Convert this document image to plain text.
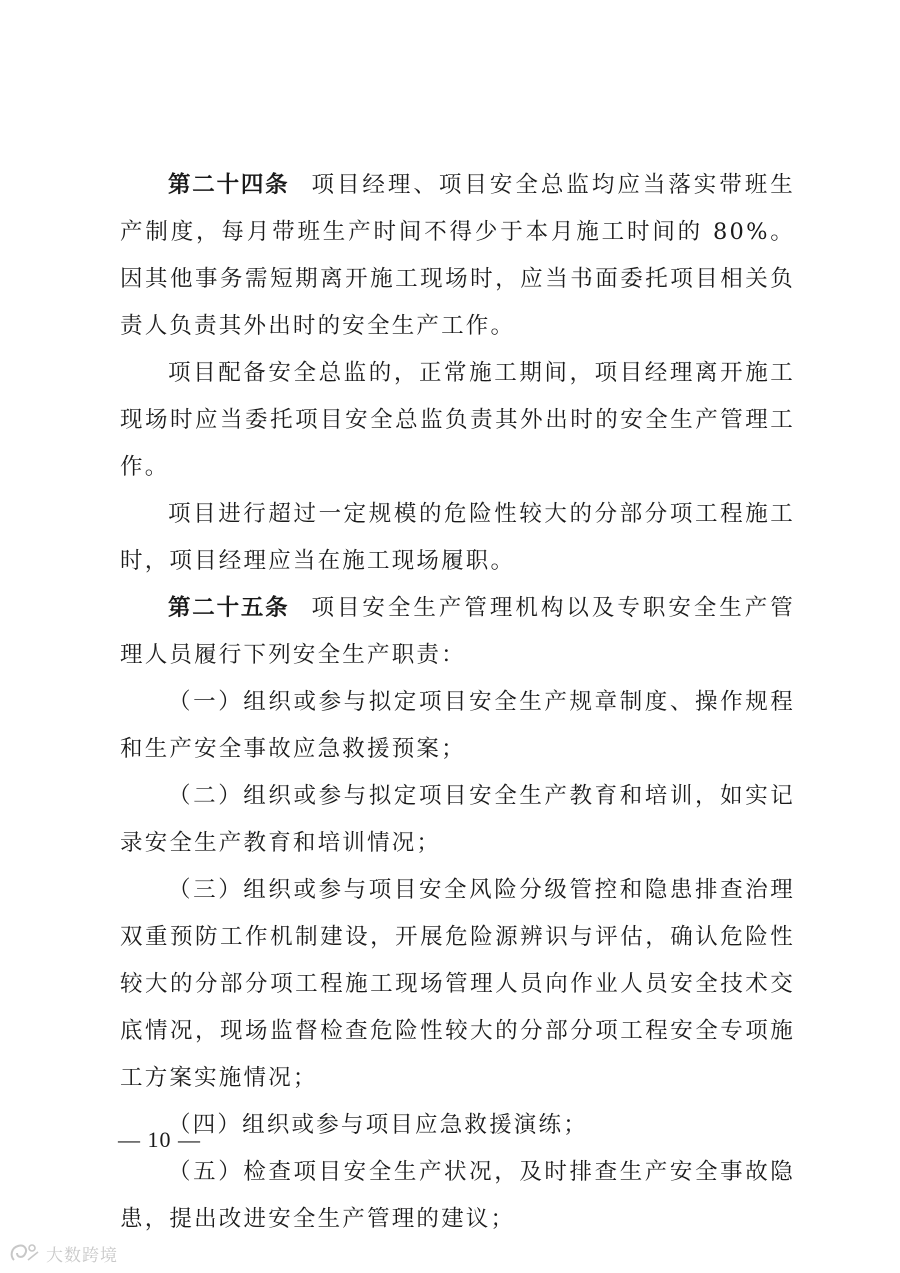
第二十四条 项目经理、项目安全总监均应当落实带班生产制度，每月带班生产时间不得少于本月施工时间的 80%。因其他事务需短期离开施工现场时，应当书面委托项目相关负责人负责其外出时的安全生产工作。

项目配备安全总监的，正常施工期间，项目经理离开施工现场时应当委托项目安全总监负责其外出时的安全生产管理工作。

项目进行超过一定规模的危险性较大的分部分项工程施工时，项目经理应当在施工现场履职。

第二十五条 项目安全生产管理机构以及专职安全生产管理人员履行下列安全生产职责：

（一）组织或参与拟定项目安全生产规章制度、操作规程和生产安全事故应急救援预案；

（二）组织或参与拟定项目安全生产教育和培训，如实记录安全生产教育和培训情况；

（三）组织或参与项目安全风险分级管控和隐患排查治理双重预防工作机制建设，开展危险源辨识与评估，确认危险性较大的分部分项工程施工现场管理人员向作业人员安全技术交底情况，现场监督检查危险性较大的分部分项工程安全专项施工方案实施情况；

（四）组织或参与项目应急救援演练；

（五）检查项目安全生产状况，及时排查生产安全事故隐患，提出改进安全生产管理的建议；

— 10 —
大数跨境
